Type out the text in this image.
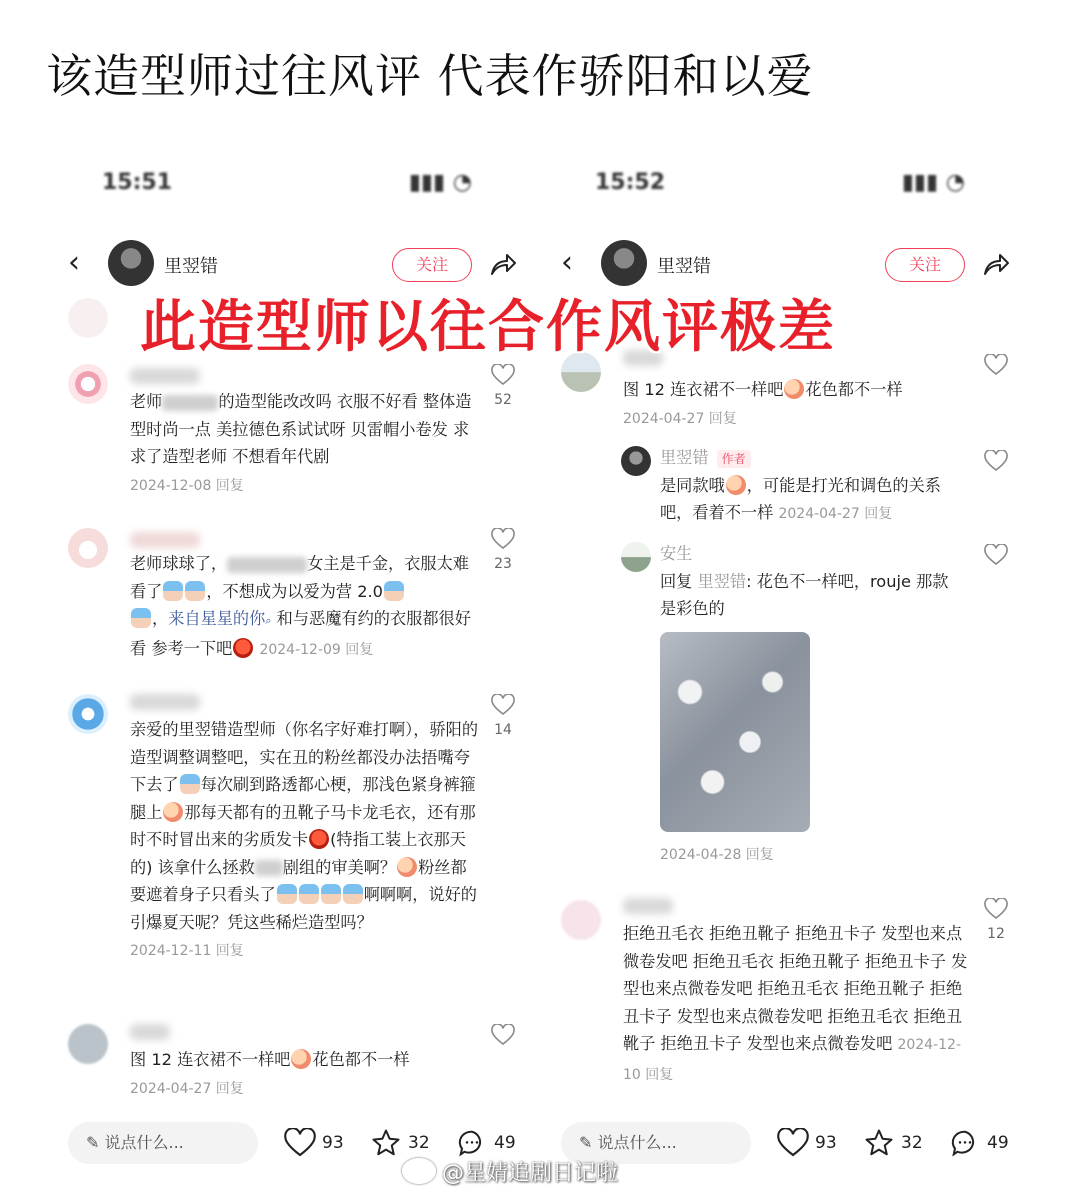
该造型师过往风评 代表作骄阳和以爱
15:51	▮▮▮ ◔
‹	里翌错	关注
老师	的造型能改改吗 衣服不好看 整体造型时尚一点 美拉德色系试试呀 贝雷帽小卷发 求求了造型老师 不想看年代剧
2024-12-08 回复
52
老师球球了，	女主是千金，衣服太难看了	，不想成为以爱为营 2.0
，来自星星的你⌕ 和与恶魔有约的衣服都很好看 参考一下吧 2024-12-09 回复
23
亲爱的里翌错造型师（你名字好难打啊），骄阳的造型调整调整吧，实在丑的粉丝都没办法捂嘴夸下去了 每次刷到路透都心梗，那浅色紧身裤箍腿上 那每天都有的丑靴子马卡龙毛衣，还有那时不时冒出来的劣质发卡 (特指工装上衣那天的) 该拿什么拯救 剧组的审美啊？ 粉丝都要遮着身子只看头了	啊啊啊，说好的引爆夏天呢？凭这些稀烂造型吗？
2024-12-11 回复
14
图 12 连衣裙不一样吧 花色都不一样
2024-04-27 回复
✎ 说点什么...	93	32	49
15:52	▮▮▮ ◔
‹	里翌错	关注
图 12 连衣裙不一样吧 花色都不一样
2024-04-27 回复
里翌错 作者
是同款哦 ，可能是打光和调色的关系吧，看着不一样 2024-04-27 回复
安生
回复 里翌错: 花色不一样吧，rouje 那款是彩色的
2024-04-28 回复
拒绝丑毛衣 拒绝丑靴子 拒绝丑卡子 发型也来点微卷发吧 拒绝丑毛衣 拒绝丑靴子 拒绝丑卡子 发型也来点微卷发吧 拒绝丑毛衣 拒绝丑靴子 拒绝丑卡子 发型也来点微卷发吧 拒绝丑毛衣 拒绝丑靴子 拒绝丑卡子 发型也来点微卷发吧 2024-12-10 回复
12
✎ 说点什么...	93	32	49
此造型师以往合作风评极差
@星婧追剧日记啦
